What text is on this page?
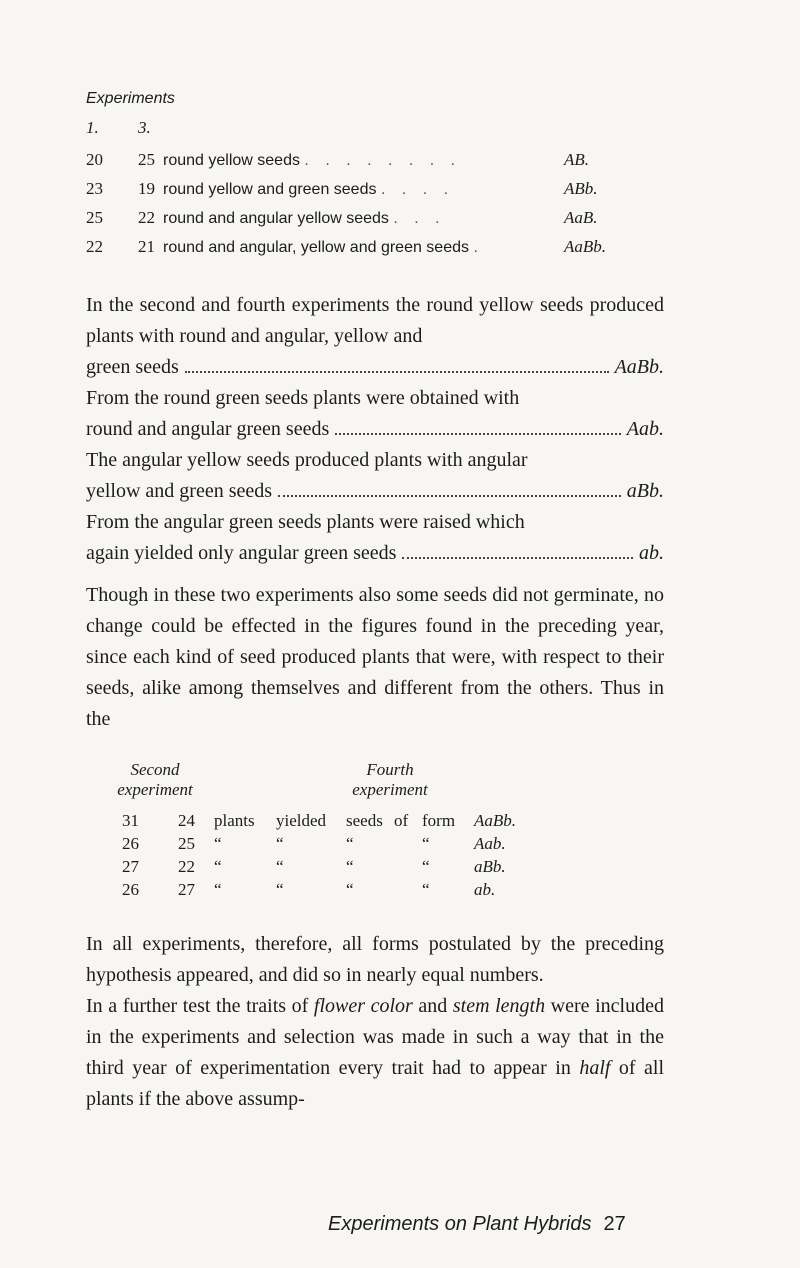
Experiments
1. 3.
20	25 round yellow seeds . . . . . . . .	AB.
23	19 round yellow and green seeds . . . .	ABb.
25	22 round and angular yellow seeds . . .	AaB.
22	21 round and angular, yellow and green seeds .	AaBb.

In the second and fourth experiments the round yellow seeds produced plants with round and angular, yellow and

green seeds	AaBb.

From the round green seeds plants were obtained with

round and angular green seeds	Aab.

The angular yellow seeds produced plants with angular

yellow and green seeds	aBb.

From the angular green seeds plants were raised which

again yielded only angular green seeds	ab.

Though in these two experiments also some seeds did not germinate, no change could be effected in the figures found in the preceding year, since each kind of seed produced plants that were, with respect to their seeds, alike among themselves and different from the others. Thus in the

Second
experiment
Fourth
experiment
31	24	plants	yielded	seeds of form	AaBb.
26	25	“	“	“	“	Aab.
27	22	“	“	“	“	aBb.
26	27	“	“	“	“	ab.

In all experiments, therefore, all forms postulated by the preceding hypothesis appeared, and did so in nearly equal numbers.

In a further test the traits of flower color and stem length were included in the experiments and selection was made in such a way that in the third year of experimentation every trait had to appear in half of all plants if the above assump-

Experiments on Plant Hybrids 27
